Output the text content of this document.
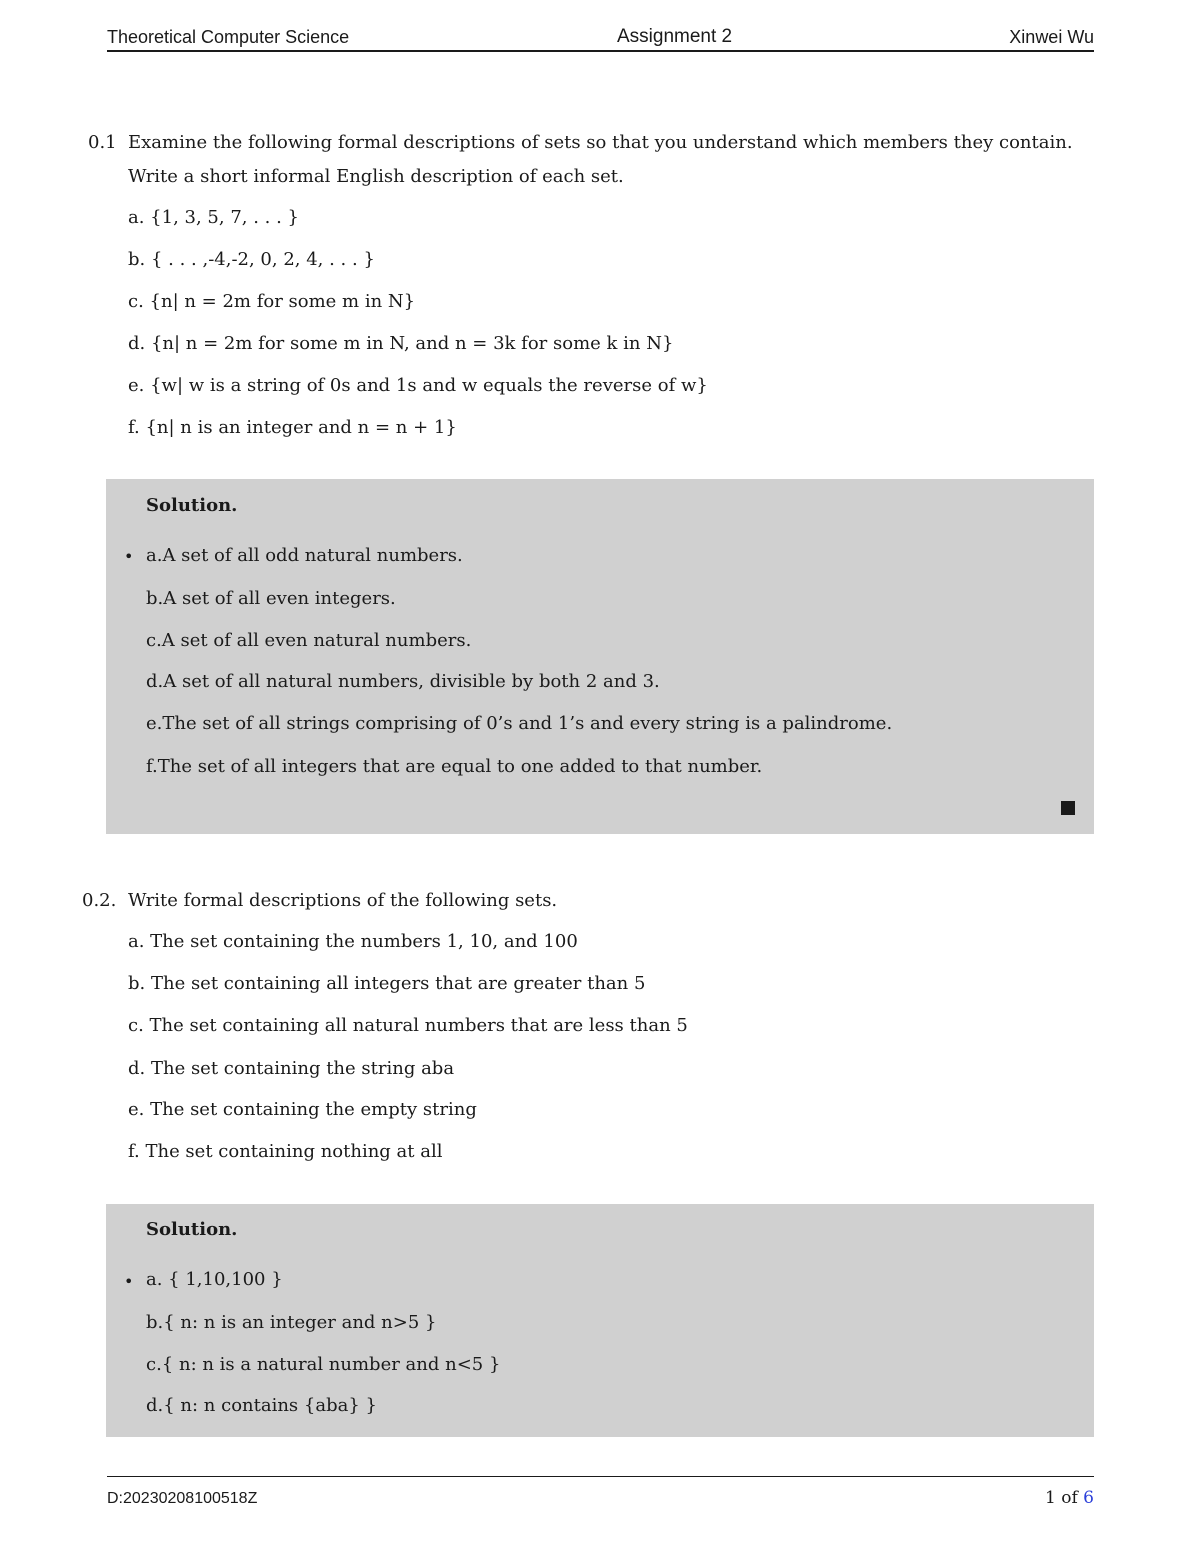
Theoretical Computer Science	Assignment 2	Xinwei Wu
0.1 Examine the following formal descriptions of sets so that you understand which members they contain.
Write a short informal English description of each set.
a. {1, 3, 5, 7, . . . }
b. { . . . ,-4,-2, 0, 2, 4, . . . }
c. {n| n = 2m for some m in N}
d. {n| n = 2m for some m in N, and n = 3k for some k in N}
e. {w| w is a string of 0s and 1s and w equals the reverse of w}
f. {n| n is an integer and n = n + 1}
Solution.
• a.A set of all odd natural numbers.
b.A set of all even integers.
c.A set of all even natural numbers.
d.A set of all natural numbers, divisible by both 2 and 3.
e.The set of all strings comprising of 0’s and 1’s and every string is a palindrome.
f.The set of all integers that are equal to one added to that number.
0.2. Write formal descriptions of the following sets.
a. The set containing the numbers 1, 10, and 100
b. The set containing all integers that are greater than 5
c. The set containing all natural numbers that are less than 5
d. The set containing the string aba
e. The set containing the empty string
f. The set containing nothing at all
Solution.
• a. { 1,10,100 }
b.{ n: n is an integer and n>5 }
c.{ n: n is a natural number and n<5 }
d.{ n: n contains {aba} }
D:20230208100518Z	1 of 6
